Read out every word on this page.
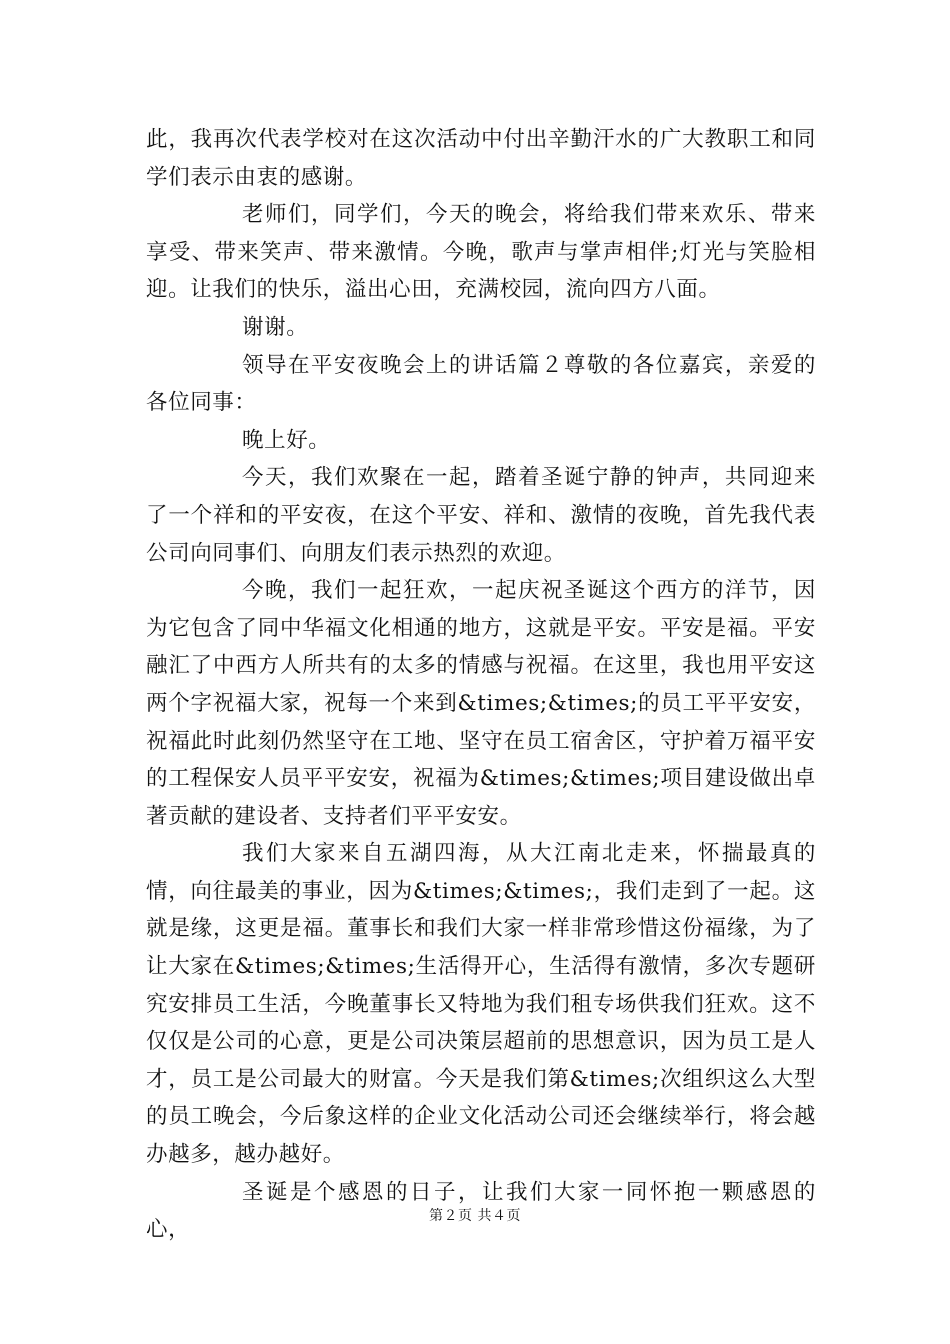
此，我再次代表学校对在这次活动中付出辛勤汗水的广大教职工和同学们表示由衷的感谢。

老师们，同学们，今天的晚会，将给我们带来欢乐、带来享受、带来笑声、带来激情。今晚，歌声与掌声相伴;灯光与笑脸相迎。让我们的快乐，溢出心田，充满校园，流向四方八面。

谢谢。

领导在平安夜晚会上的讲话篇２尊敬的各位嘉宾，亲爱的各位同事：

晚上好。

今天，我们欢聚在一起，踏着圣诞宁静的钟声，共同迎来了一个祥和的平安夜，在这个平安、祥和、激情的夜晚，首先我代表公司向同事们、向朋友们表示热烈的欢迎。

今晚，我们一起狂欢，一起庆祝圣诞这个西方的洋节，因为它包含了同中华福文化相通的地方，这就是平安。平安是福。平安融汇了中西方人所共有的太多的情感与祝福。在这里，我也用平安这两个字祝福大家，祝每一个来到&times;&times;的员工平平安安，祝福此时此刻仍然坚守在工地、坚守在员工宿舍区，守护着万福平安的工程保安人员平平安安，祝福为&times;&times;项目建设做出卓著贡献的建设者、支持者们平平安安。

我们大家来自五湖四海，从大江南北走来，怀揣最真的情，向往最美的事业，因为&times;&times;，我们走到了一起。这就是缘，这更是福。董事长和我们大家一样非常珍惜这份福缘，为了让大家在&times;&times;生活得开心，生活得有激情，多次专题研究安排员工生活，今晚董事长又特地为我们租专场供我们狂欢。这不仅仅是公司的心意，更是公司决策层超前的思想意识，因为员工是人才，员工是公司最大的财富。今天是我们第&times;次组织这么大型的员工晚会，今后象这样的企业文化活动公司还会继续举行，将会越办越多，越办越好。

圣诞是个感恩的日子，让我们大家一同怀抱一颗感恩的心，

第２页 共４页
